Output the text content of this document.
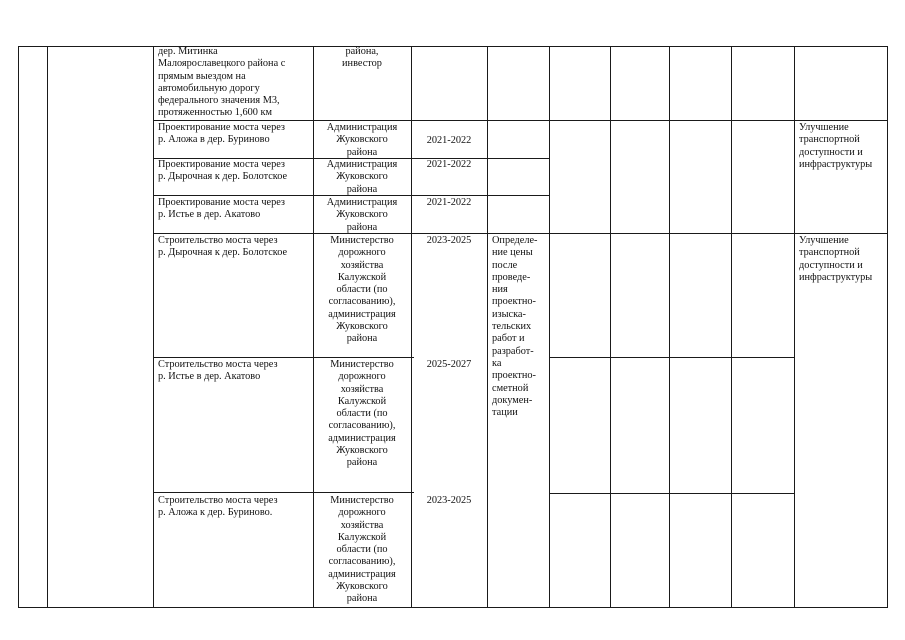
дер. Митинка
Малоярославецкого района с
прямым выездом на
автомобильную дорогу
федерального значения М3,
протяженностью 1,600 км
района,
инвестор
Проектирование моста через
р. Аложа в дер. Буриново
Администрация
Жуковского
района
2021-2022
Проектирование моста через
р. Дырочная к дер. Болотское
Администрация
Жуковского
района
2021-2022
Проектирование моста через
р. Истье в дер. Акатово
Администрация
Жуковского
района
2021-2022
Улучшение
транспортной
доступности и
инфраструктуры
Строительство моста через
р. Дырочная к дер. Болотское
Министерство
дорожного
хозяйства
Калужской
области (по
согласованию),
администрация
Жуковского
района
2023-2025	Определе-
ние цены
после
проведе-
ния
проектно-
изыска-
тельских
работ и
разработ-
ка
проектно-
сметной
докумен-
тации
Улучшение
транспортной
доступности и
инфраструктуры
Строительство моста через
р. Истье в дер. Акатово
Министерство
дорожного
хозяйства
Калужской
области (по
согласованию),
администрация
Жуковского
района
2025-2027
Строительство моста через
р. Аложа к дер. Буриново.
Министерство
дорожного
хозяйства
Калужской
области (по
согласованию),
администрация
Жуковского
района
2023-2025
